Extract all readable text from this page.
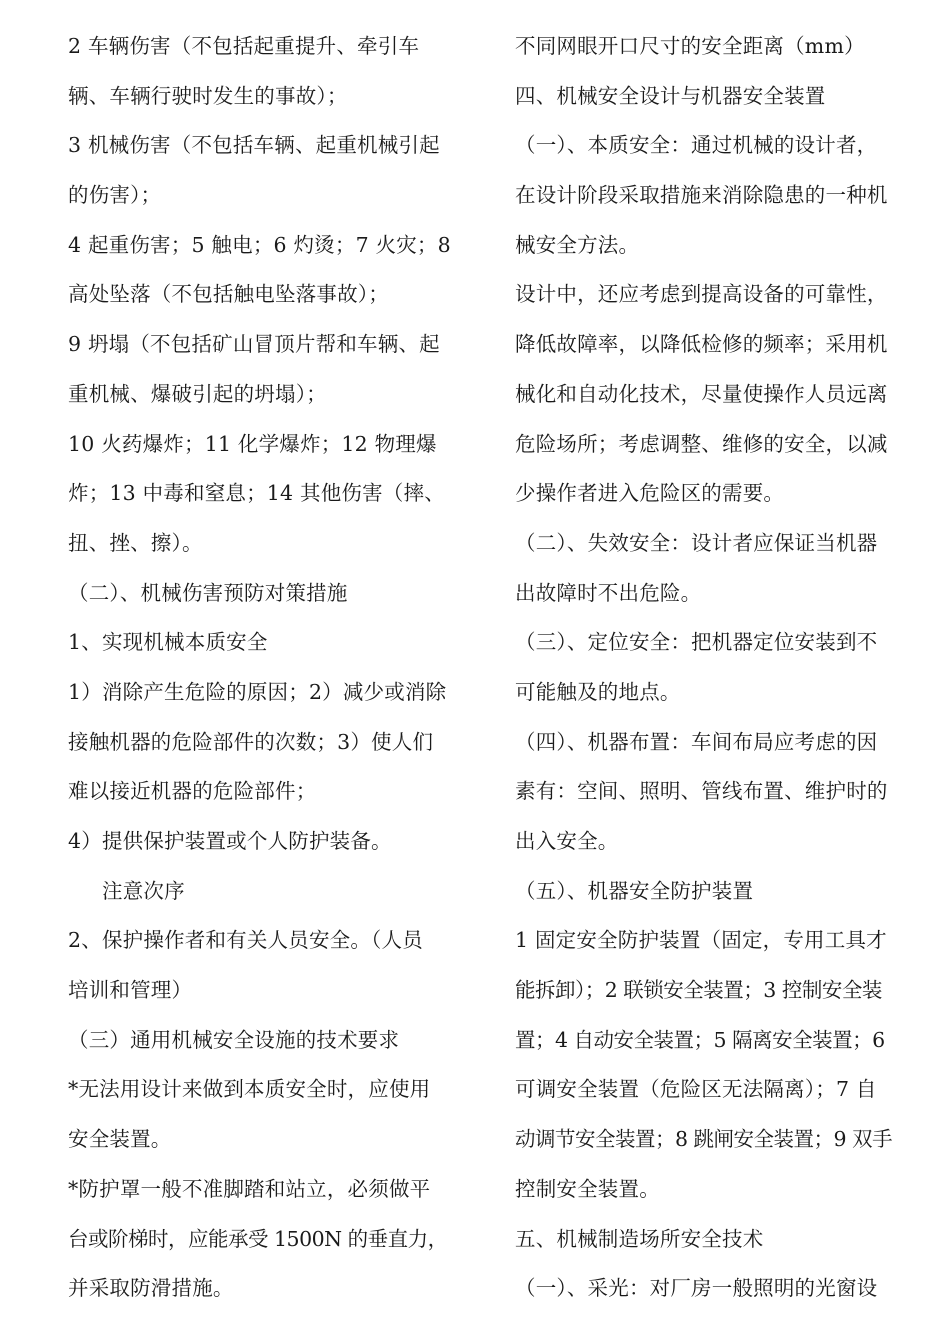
2 车辆伤害（不包括起重提升、牵引车
辆、车辆行驶时发生的事故）；
3 机械伤害（不包括车辆、起重机械引起
的伤害）；
4 起重伤害；5 触电；6 灼烫；7 火灾；8
高处坠落（不包括触电坠落事故）；
9 坍塌（不包括矿山冒顶片帮和车辆、起
重机械、爆破引起的坍塌）；
10 火药爆炸；11 化学爆炸；12 物理爆
炸；13 中毒和窒息；14 其他伤害（摔、
扭、挫、擦）。
（二）、机械伤害预防对策措施
1、实现机械本质安全
1）消除产生危险的原因；2）减少或消除
接触机器的危险部件的次数；3）使人们
难以接近机器的危险部件；
4）提供保护装置或个人防护装备。
注意次序
2、保护操作者和有关人员安全。（人员
培训和管理）
（三）通用机械安全设施的技术要求
*无法用设计来做到本质安全时，应使用
安全装置。
*防护罩一般不准脚踏和站立，必须做平
台或阶梯时，应能承受 1500N 的垂直力，
并采取防滑措施。
不同网眼开口尺寸的安全距离（mm）
四、机械安全设计与机器安全装置
（一）、本质安全：通过机械的设计者，
在设计阶段采取措施来消除隐患的一种机
械安全方法。
设计中，还应考虑到提高设备的可靠性，
降低故障率，以降低检修的频率；采用机
械化和自动化技术，尽量使操作人员远离
危险场所；考虑调整、维修的安全，以减
少操作者进入危险区的需要。
（二）、失效安全：设计者应保证当机器
出故障时不出危险。
（三）、定位安全：把机器定位安装到不
可能触及的地点。
（四）、机器布置：车间布局应考虑的因
素有：空间、照明、管线布置、维护时的
出入安全。
（五）、机器安全防护装置
1 固定安全防护装置（固定，专用工具才
能拆卸）；2 联锁安全装置；3 控制安全装
置；4 自动安全装置；5 隔离安全装置；6
可调安全装置（危险区无法隔离）；7 自
动调节安全装置；8 跳闸安全装置；9 双手
控制安全装置。
五、机械制造场所安全技术
（一）、采光：对厂房一般照明的光窗设
